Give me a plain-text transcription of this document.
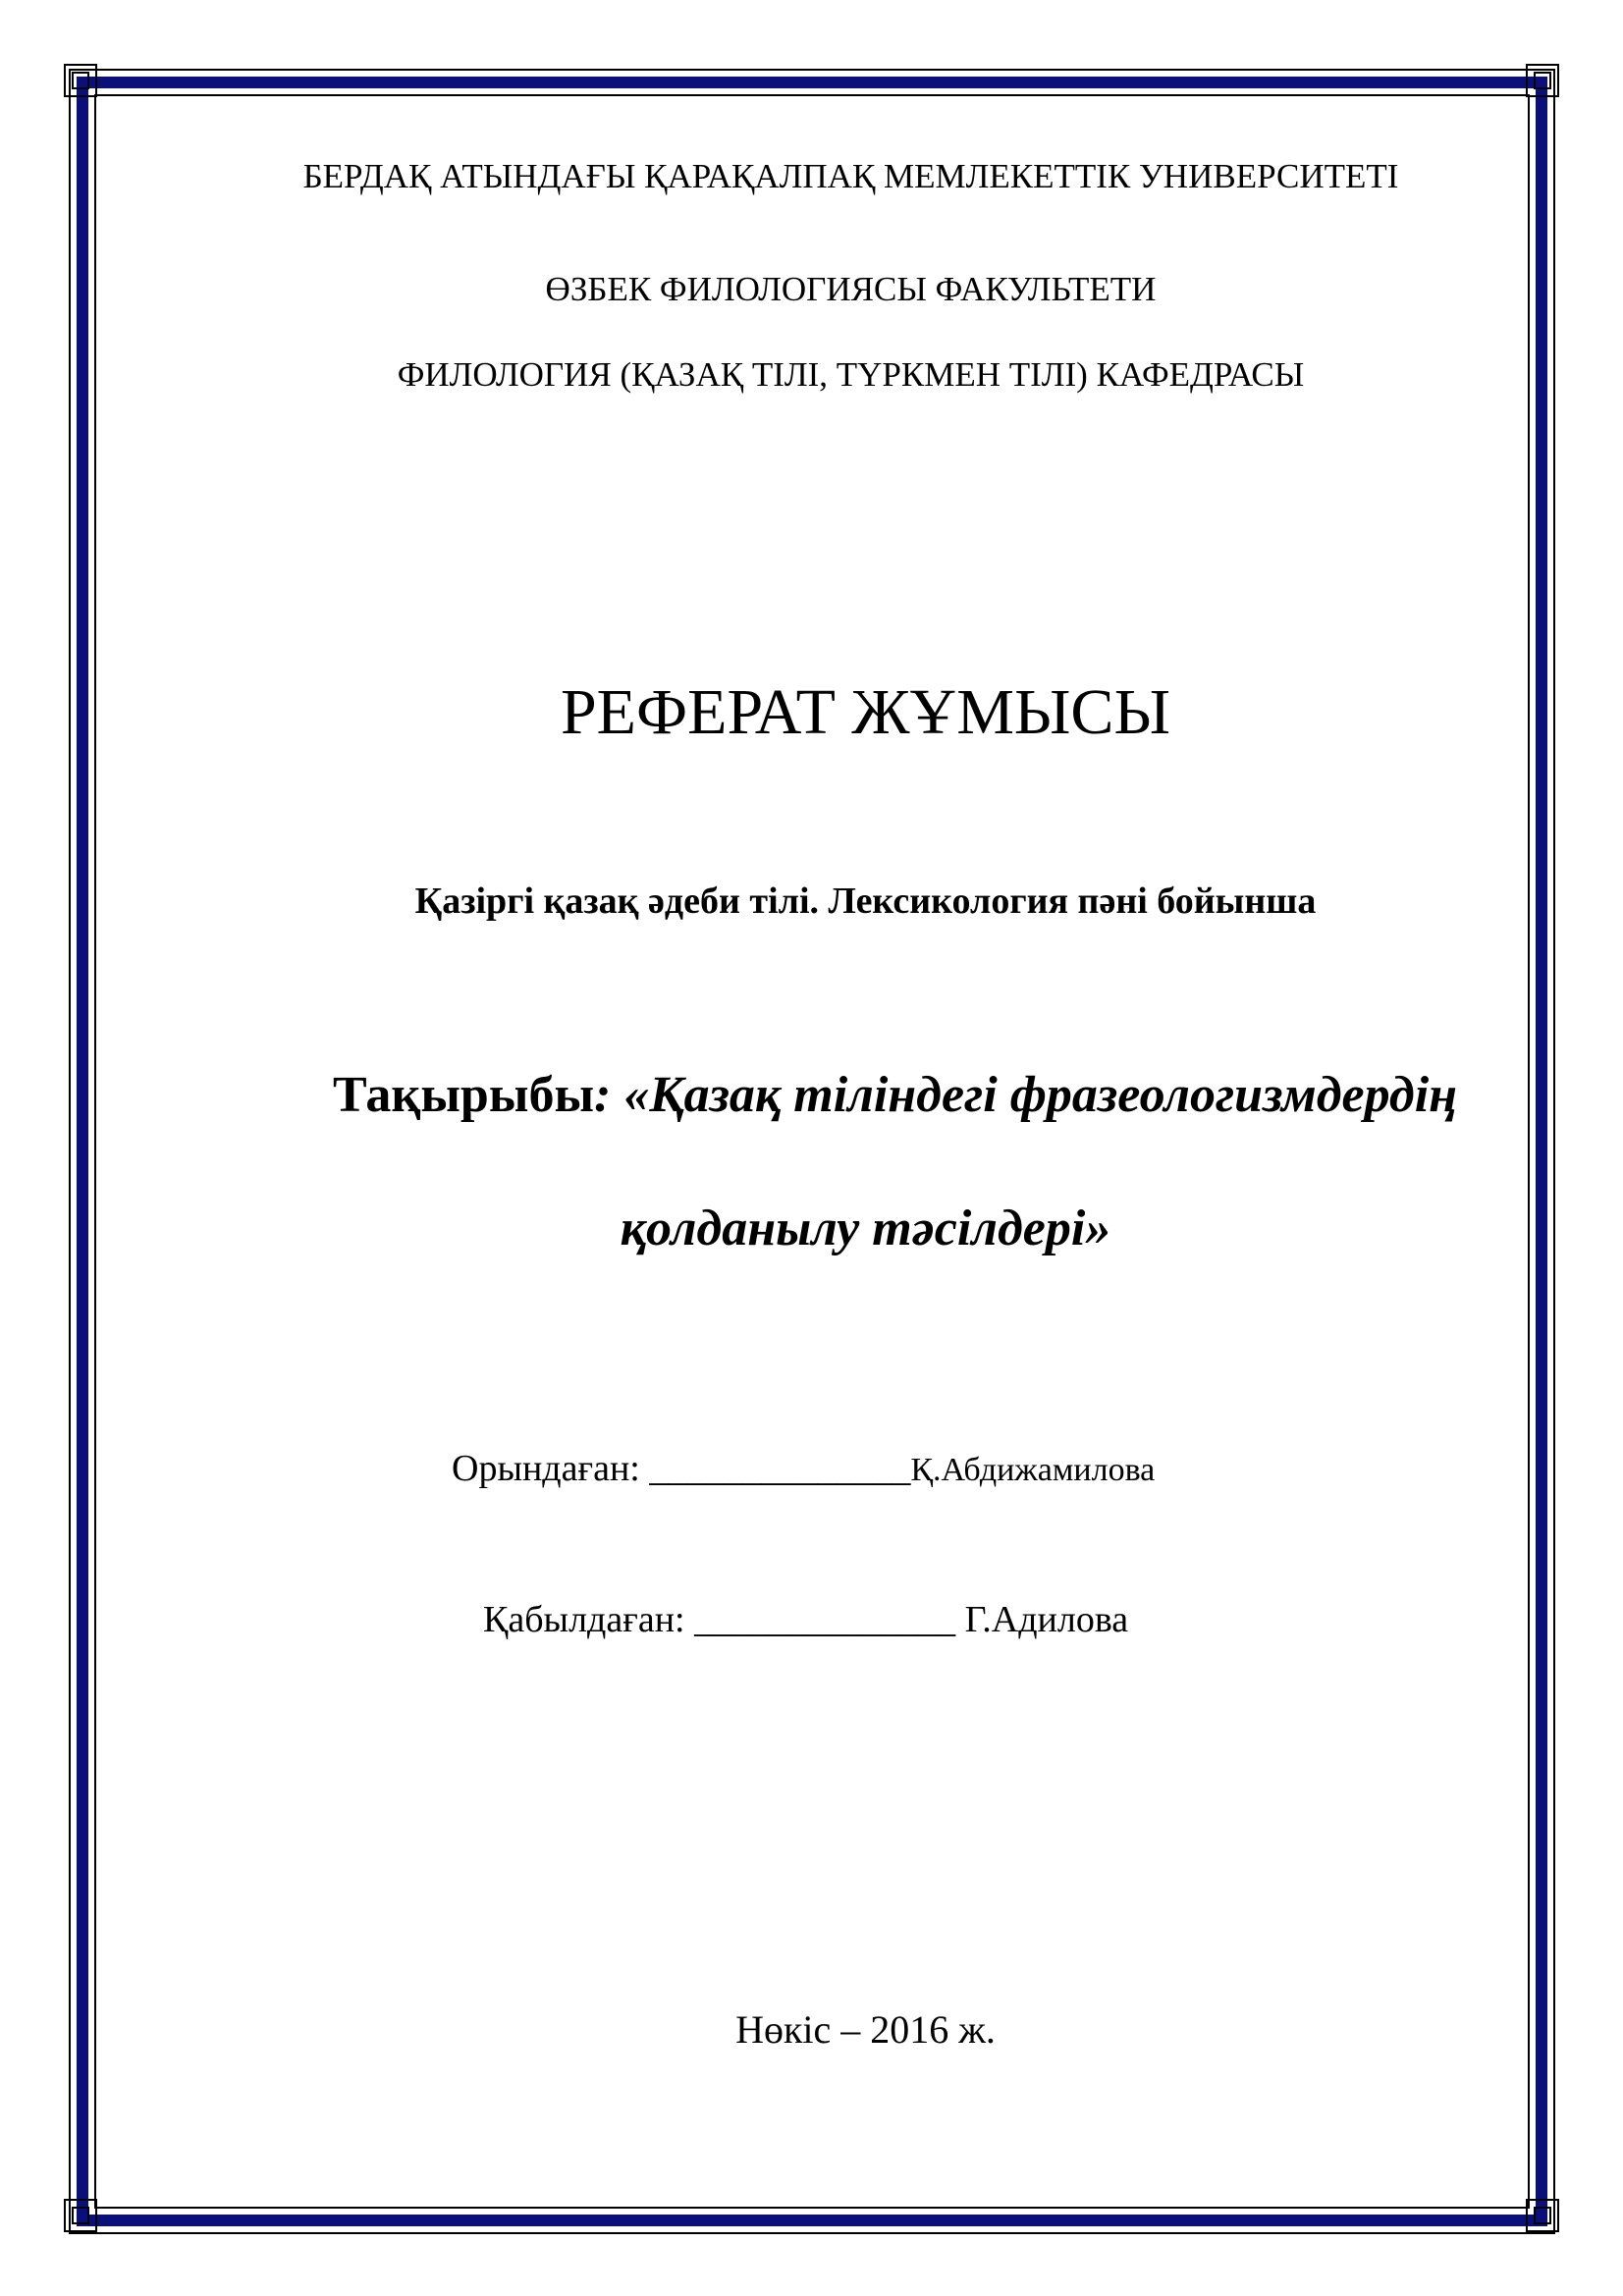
БЕРДАҚ АТЫНДАҒЫ ҚАРАҚАЛПАҚ МЕМЛЕКЕТТІК УНИВЕРСИТЕТІ
ӨЗБЕК ФИЛОЛОГИЯСЫ ФАКУЛЬТЕТИ
ФИЛОЛОГИЯ (ҚАЗАҚ ТІЛІ, ТҮРКМЕН ТІЛІ) КАФЕДРАСЫ
РЕФЕРАТ ЖҰМЫСЫ
Қазіргі қазақ әдеби тілі. Лексикология пәні бойынша
Тақырыбы: «Қазақ тіліндегі фразеологизмдердің
қолданылу тәсілдері»
Орындаған: ______________Қ.Абдижамилова
Қабылдаған: ______________ Г.Адилова
Нөкіс – 2016 ж.
